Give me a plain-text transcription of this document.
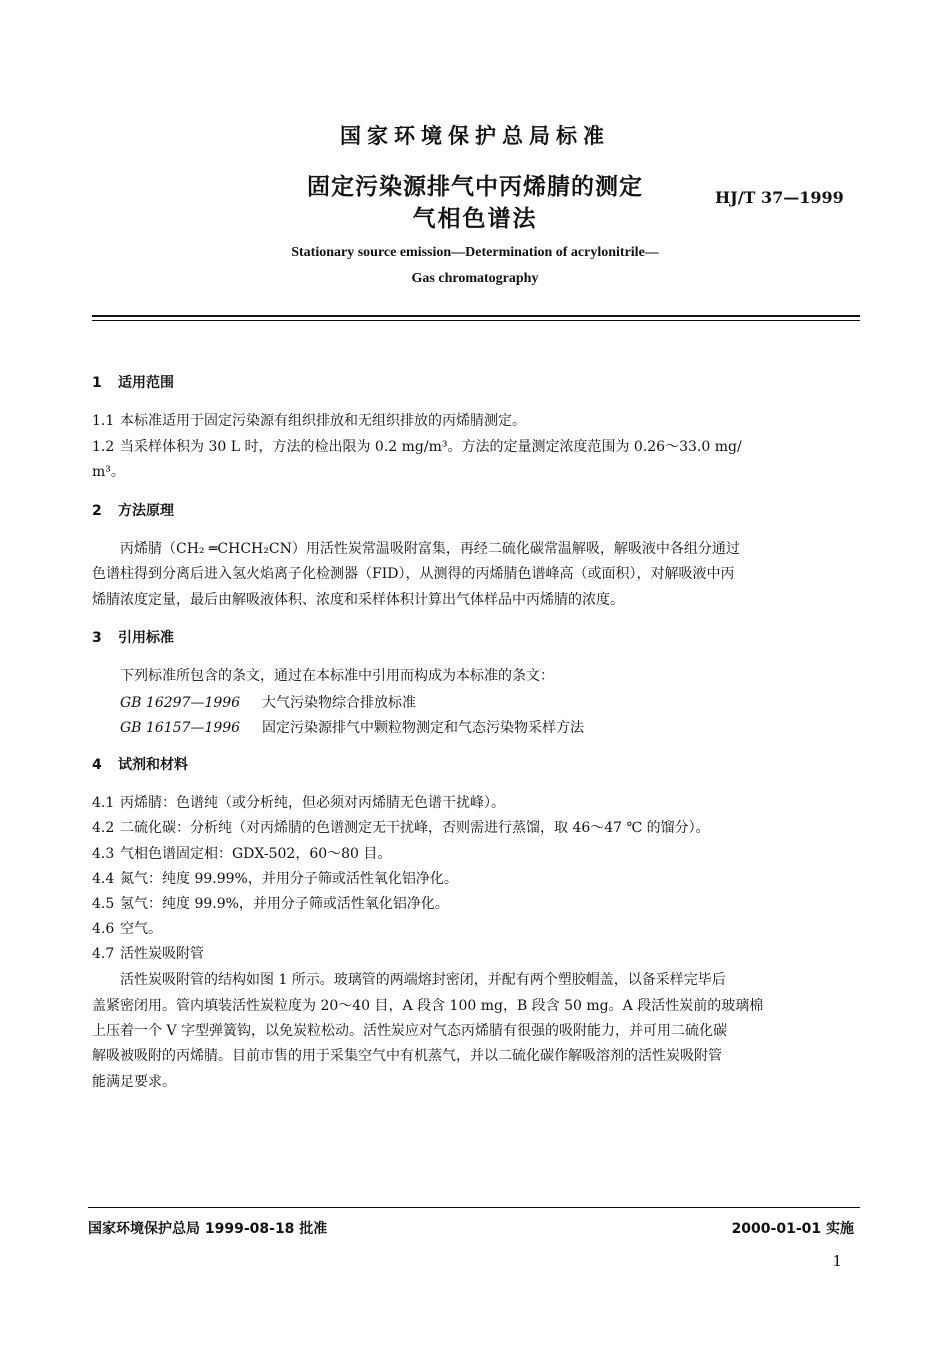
国家环境保护总局标准
固定污染源排气中丙烯腈的测定
气相色谱法
HJ/T 37—1999
Stationary source emission—Determination of acrylonitrile—
Gas chromatography
1 适用范围
1.1 本标准适用于固定污染源有组织排放和无组织排放的丙烯腈测定。
1.2 当采样体积为 30 L 时，方法的检出限为 0.2 mg/m³。方法的定量测定浓度范围为 0.26～33.0 mg/
m³。
2 方法原理
丙烯腈（CH₂ ═CHCH₂CN）用活性炭常温吸附富集，再经二硫化碳常温解吸，解吸液中各组分通过
色谱柱得到分离后进入氢火焰离子化检测器（FID），从测得的丙烯腈色谱峰高（或面积），对解吸液中丙
烯腈浓度定量，最后由解吸液体积、浓度和采样体积计算出气体样品中丙烯腈的浓度。
3 引用标准
下列标准所包含的条文，通过在本标准中引用而构成为本标准的条文：
GB 16297—1996 大气污染物综合排放标准
GB 16157—1996 固定污染源排气中颗粒物测定和气态污染物采样方法
4 试剂和材料
4.1 丙烯腈：色谱纯（或分析纯，但必须对丙烯腈无色谱干扰峰）。
4.2 二硫化碳：分析纯（对丙烯腈的色谱测定无干扰峰，否则需进行蒸馏，取 46～47 ℃ 的馏分）。
4.3 气相色谱固定相：GDX-502，60～80 目。
4.4 氮气：纯度 99.99%，并用分子筛或活性氧化铝净化。
4.5 氢气：纯度 99.9%，并用分子筛或活性氧化铝净化。
4.6 空气。
4.7 活性炭吸附管
活性炭吸附管的结构如图 1 所示。玻璃管的两端熔封密闭，并配有两个塑胶帽盖，以备采样完毕后
盖紧密闭用。管内填装活性炭粒度为 20～40 目，A 段含 100 mg，B 段含 50 mg。A 段活性炭前的玻璃棉
上压着一个 V 字型弹簧钩，以免炭粒松动。活性炭应对气态丙烯腈有很强的吸附能力，并可用二硫化碳
解吸被吸附的丙烯腈。目前市售的用于采集空气中有机蒸气，并以二硫化碳作解吸溶剂的活性炭吸附管
能满足要求。
国家环境保护总局 1999-08-18 批准	2000-01-01 实施
1
